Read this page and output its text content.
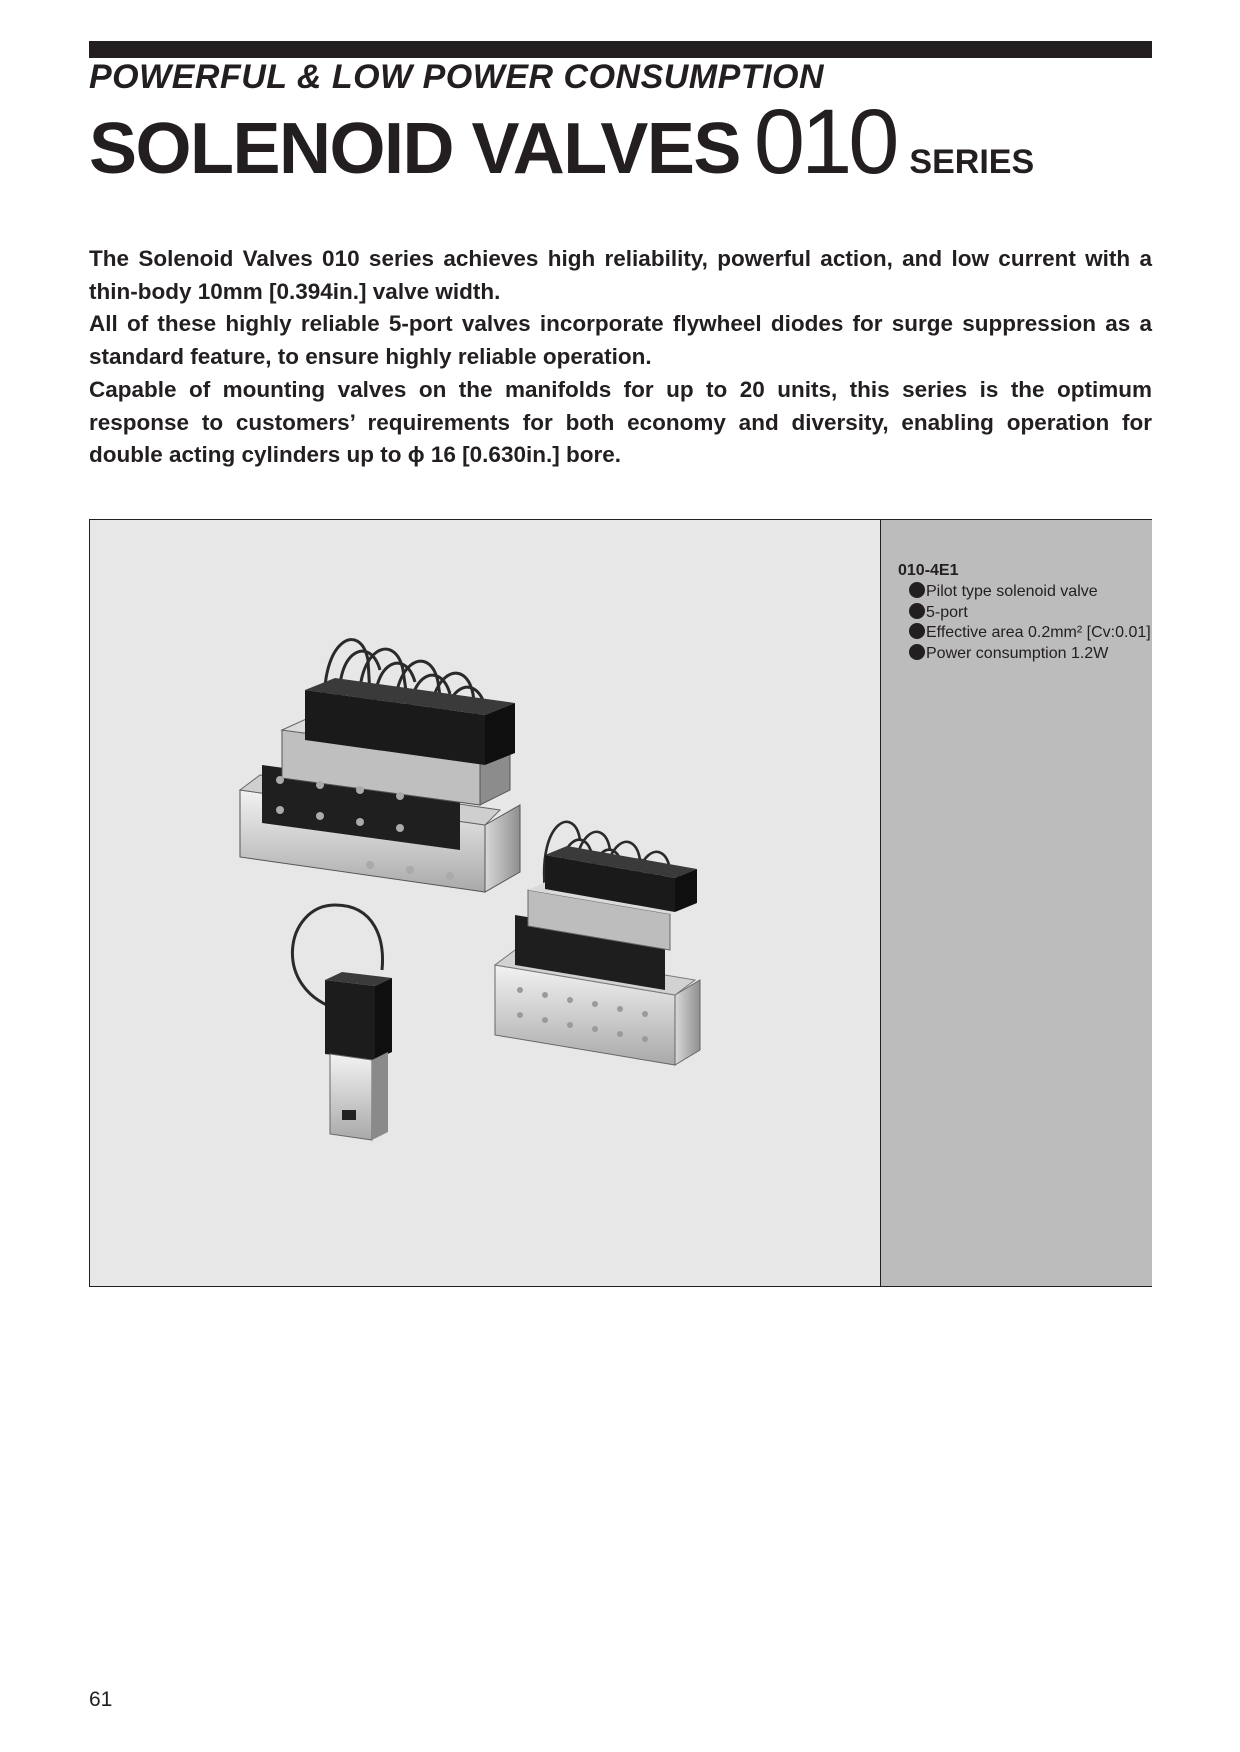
POWERFUL & LOW POWER CONSUMPTION
SOLENOID VALVES 010 SERIES

The Solenoid Valves 010 series achieves high reliability, powerful action, and low current with a thin-body 10mm [0.394in.] valve width.

All of these highly reliable 5-port valves incorporate flywheel diodes for surge suppression as a standard feature, to ensure highly reliable operation.

Capable of mounting valves on the manifolds for up to 20 units, this series is the optimum response to customers’ requirements for both economy and diversity, enabling operation for double acting cylinders up to ϕ 16 [0.630in.] bore.

010-4E1
Pilot type solenoid valve
5-port
Effective area 0.2mm² [Cv:0.01]
Power consumption 1.2W
61
